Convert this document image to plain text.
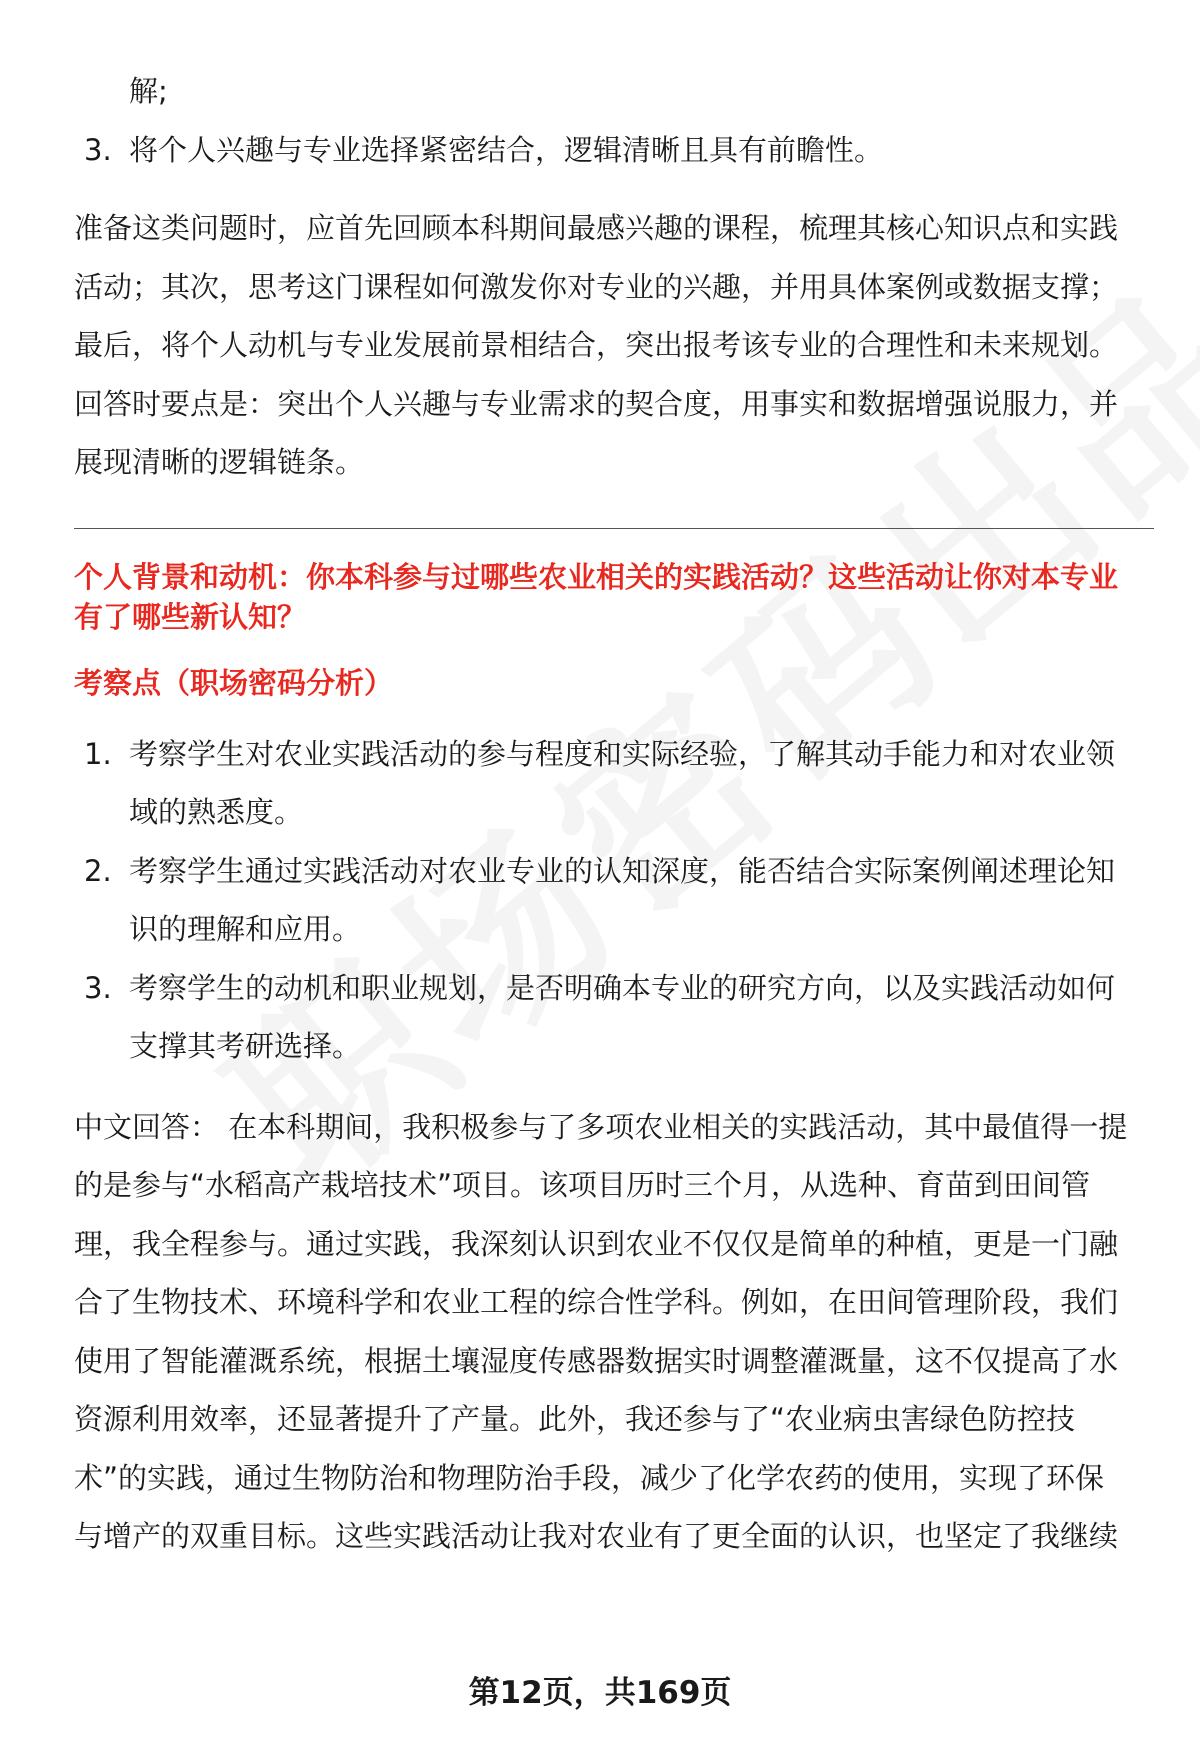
解;
3. 将个人兴趣与专业选择紧密结合，逻辑清晰且具有前瞻性。
准备这类问题时，应首先回顾本科期间最感兴趣的课程，梳理其核心知识点和实践
活动；其次，思考这门课程如何激发你对专业的兴趣，并用具体案例或数据支撑；
最后，将个人动机与专业发展前景相结合，突出报考该专业的合理性和未来规划。
回答时要点是：突出个人兴趣与专业需求的契合度，用事实和数据增强说服力，并
展现清晰的逻辑链条。
个人背景和动机：你本科参与过哪些农业相关的实践活动？这些活动让你对本专业
有了哪些新认知？
考察点（职场密码分析）
1. 考察学生对农业实践活动的参与程度和实际经验，了解其动手能力和对农业领
域的熟悉度。
2. 考察学生通过实践活动对农业专业的认知深度，能否结合实际案例阐述理论知
识的理解和应用。
3. 考察学生的动机和职业规划，是否明确本专业的研究方向，以及实践活动如何
支撑其考研选择。
中文回答： 在本科期间，我积极参与了多项农业相关的实践活动，其中最值得一提
的是参与“水稻高产栽培技术”项目。该项目历时三个月，从选种、育苗到田间管
理，我全程参与。通过实践，我深刻认识到农业不仅仅是简单的种植，更是一门融
合了生物技术、环境科学和农业工程的综合性学科。例如，在田间管理阶段，我们
使用了智能灌溉系统，根据土壤湿度传感器数据实时调整灌溉量，这不仅提高了水
资源利用效率，还显著提升了产量。此外，我还参与了“农业病虫害绿色防控技
术”的实践，通过生物防治和物理防治手段，减少了化学农药的使用，实现了环保
与增产的双重目标。这些实践活动让我对农业有了更全面的认识，也坚定了我继续
第12页，共169页
